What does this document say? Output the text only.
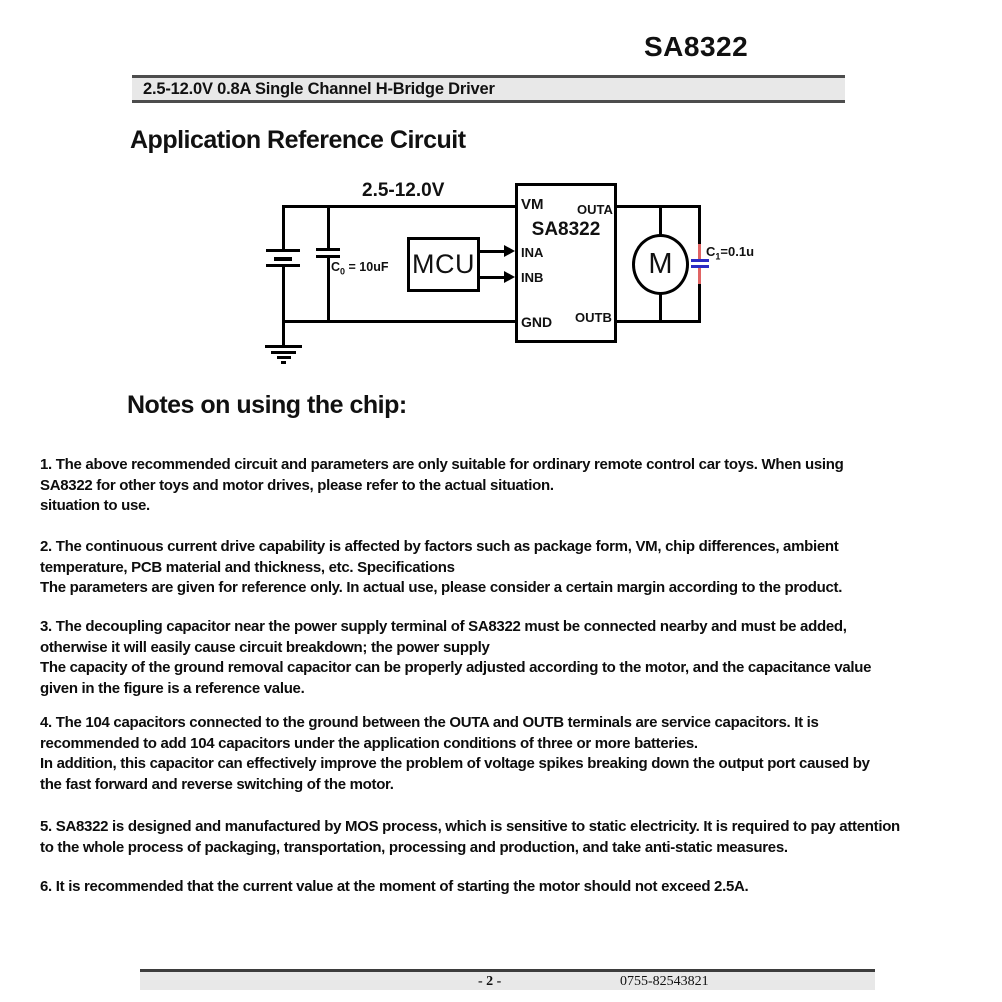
SA8322
2.5-12.0V 0.8A Single Channel H-Bridge Driver
Application Reference Circuit
2.5-12.0V
$C_0 = 10uF$ MCU
SA8322
VM	OUTA
INA
INB
GND OUTB
M	$C_1=0.1u$
Notes on using the chip:
1. The above recommended circuit and parameters are only suitable for ordinary remote control car toys. When using
SA8322 for other toys and motor drives, please refer to the actual situation.
situation to use.
2. The continuous current drive capability is affected by factors such as package form, VM, chip differences, ambient
temperature, PCB material and thickness, etc. Specifications
The parameters are given for reference only. In actual use, please consider a certain margin according to the product.
3. The decoupling capacitor near the power supply terminal of SA8322 must be connected nearby and must be added,
otherwise it will easily cause circuit breakdown; the power supply
The capacity of the ground removal capacitor can be properly adjusted according to the motor, and the capacitance value
given in the figure is a reference value.
4. The 104 capacitors connected to the ground between the OUTA and OUTB terminals are service capacitors. It is
recommended to add 104 capacitors under the application conditions of three or more batteries.
In addition, this capacitor can effectively improve the problem of voltage spikes breaking down the output port caused by
the fast forward and reverse switching of the motor.
5. SA8322 is designed and manufactured by MOS process, which is sensitive to static electricity. It is required to pay attention
to the whole process of packaging, transportation, processing and production, and take anti-static measures.
6. It is recommended that the current value at the moment of starting the motor should not exceed 2.5A.
- 2 -	0755-82543821
